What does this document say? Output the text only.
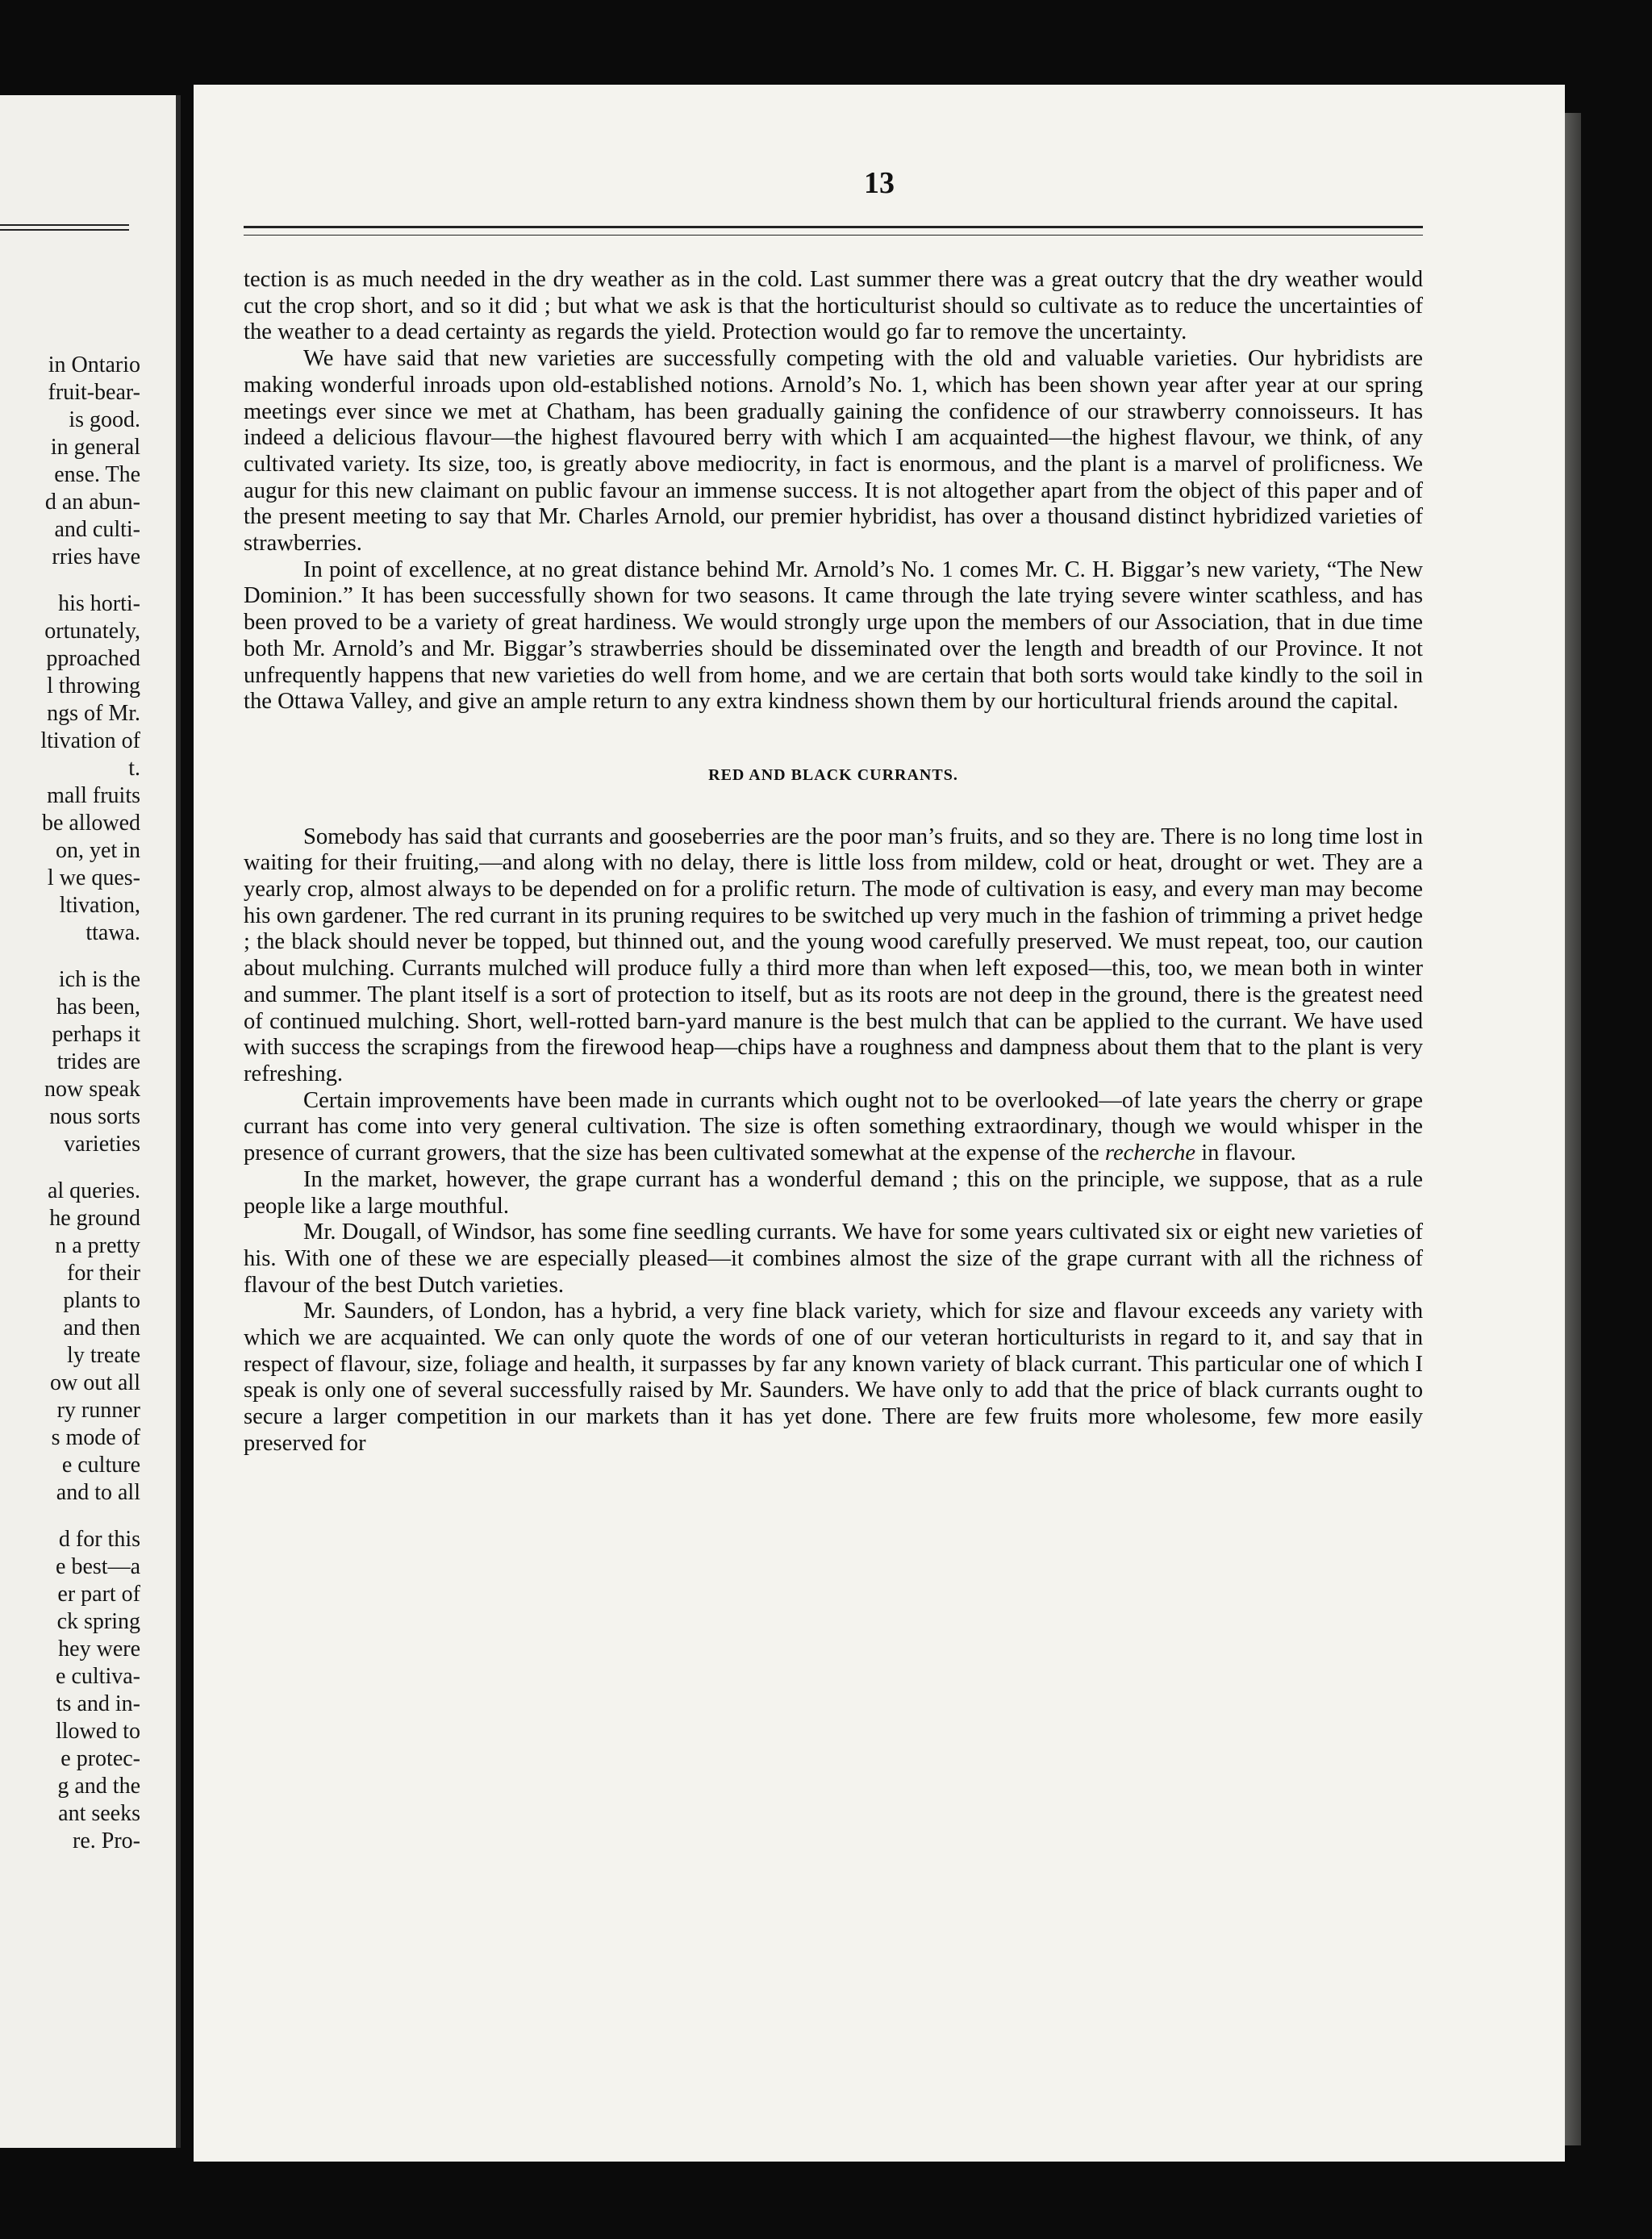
in Ontario
fruit-bear-
is good.
in general
ense. The
d an abun-
and culti-
rries have
his horti-
ortunately,
pproached
l throwing
ngs of Mr.
ltivation of
t.
mall fruits
be allowed
on, yet in
l we ques-
ltivation,
ttawa.
ich is the
has been,
perhaps it
trides are
now speak
nous sorts
varieties
al queries.
he ground
n a pretty
for their
plants to
and then
ly treate
ow out all
ry runner
s mode of
e culture
and to all
d for this
e best—a
er part of
ck spring
hey were
e cultiva-
ts and in-
llowed to
e protec-
g and the
ant seeks
re. Pro-
13

tection is as much needed in the dry weather as in the cold. Last summer there was a great outcry that the dry weather would cut the crop short, and so it did ; but what we ask is that the horticulturist should so cultivate as to reduce the uncertainties of the weather to a dead certainty as regards the yield. Protection would go far to remove the uncertainty.

We have said that new varieties are successfully competing with the old and valuable varieties. Our hybridists are making wonderful inroads upon old-established notions. Arnold’s No. 1, which has been shown year after year at our spring meetings ever since we met at Chatham, has been gradually gaining the confidence of our strawberry connoisseurs. It has indeed a delicious flavour—the highest flavoured berry with which I am acquainted—the highest flavour, we think, of any cultivated variety. Its size, too, is greatly above mediocrity, in fact is enormous, and the plant is a marvel of prolificness. We augur for this new claimant on public favour an immense success. It is not altogether apart from the object of this paper and of the present meeting to say that Mr. Charles Arnold, our premier hybridist, has over a thousand distinct hybridized varieties of strawberries.

In point of excellence, at no great distance behind Mr. Arnold’s No. 1 comes Mr. C. H. Biggar’s new variety, “The New Dominion.” It has been successfully shown for two seasons. It came through the late trying severe winter scathless, and has been proved to be a variety of great hardiness. We would strongly urge upon the members of our Association, that in due time both Mr. Arnold’s and Mr. Biggar’s strawberries should be disseminated over the length and breadth of our Province. It not unfrequently happens that new varieties do well from home, and we are certain that both sorts would take kindly to the soil in the Ottawa Valley, and give an ample return to any extra kindness shown them by our horticultural friends around the capital.

RED AND BLACK CURRANTS.

Somebody has said that currants and gooseberries are the poor man’s fruits, and so they are. There is no long time lost in waiting for their fruiting,—and along with no delay, there is little loss from mildew, cold or heat, drought or wet. They are a yearly crop, almost always to be depended on for a prolific return. The mode of cultivation is easy, and every man may become his own gardener. The red currant in its pruning requires to be switched up very much in the fashion of trimming a privet hedge ; the black should never be topped, but thinned out, and the young wood carefully preserved. We must repeat, too, our caution about mulching. Currants mulched will produce fully a third more than when left exposed—this, too, we mean both in winter and summer. The plant itself is a sort of protection to itself, but as its roots are not deep in the ground, there is the greatest need of continued mulching. Short, well-rotted barn-yard manure is the best mulch that can be applied to the currant. We have used with success the scrapings from the firewood heap—chips have a roughness and dampness about them that to the plant is very refreshing.

Certain improvements have been made in currants which ought not to be overlooked—of late years the cherry or grape currant has come into very general cultivation. The size is often something extraordinary, though we would whisper in the presence of currant growers, that the size has been cultivated somewhat at the expense of the recherche in flavour.

In the market, however, the grape currant has a wonderful demand ; this on the principle, we suppose, that as a rule people like a large mouthful.

Mr. Dougall, of Windsor, has some fine seedling currants. We have for some years cultivated six or eight new varieties of his. With one of these we are especially pleased—it combines almost the size of the grape currant with all the richness of flavour of the best Dutch varieties.

Mr. Saunders, of London, has a hybrid, a very fine black variety, which for size and flavour exceeds any variety with which we are acquainted. We can only quote the words of one of our veteran horticulturists in regard to it, and say that in respect of flavour, size, foliage and health, it surpasses by far any known variety of black currant. This particular one of which I speak is only one of several successfully raised by Mr. Saunders. We have only to add that the price of black currants ought to secure a larger competition in our markets than it has yet done. There are few fruits more wholesome, few more easily preserved for
